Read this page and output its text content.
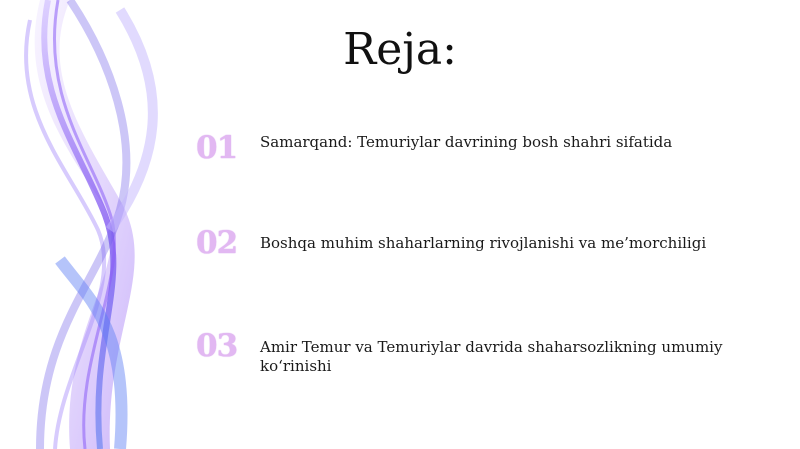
Reja:
01	Samarqand: Temuriylar davrining bosh shahri sifatida
02	Boshqa muhim shaharlarning rivojlanishi va me’morchiligi
03	Amir Temur va Temuriylar davrida shaharsozlikning umumiy ko‘rinishi
